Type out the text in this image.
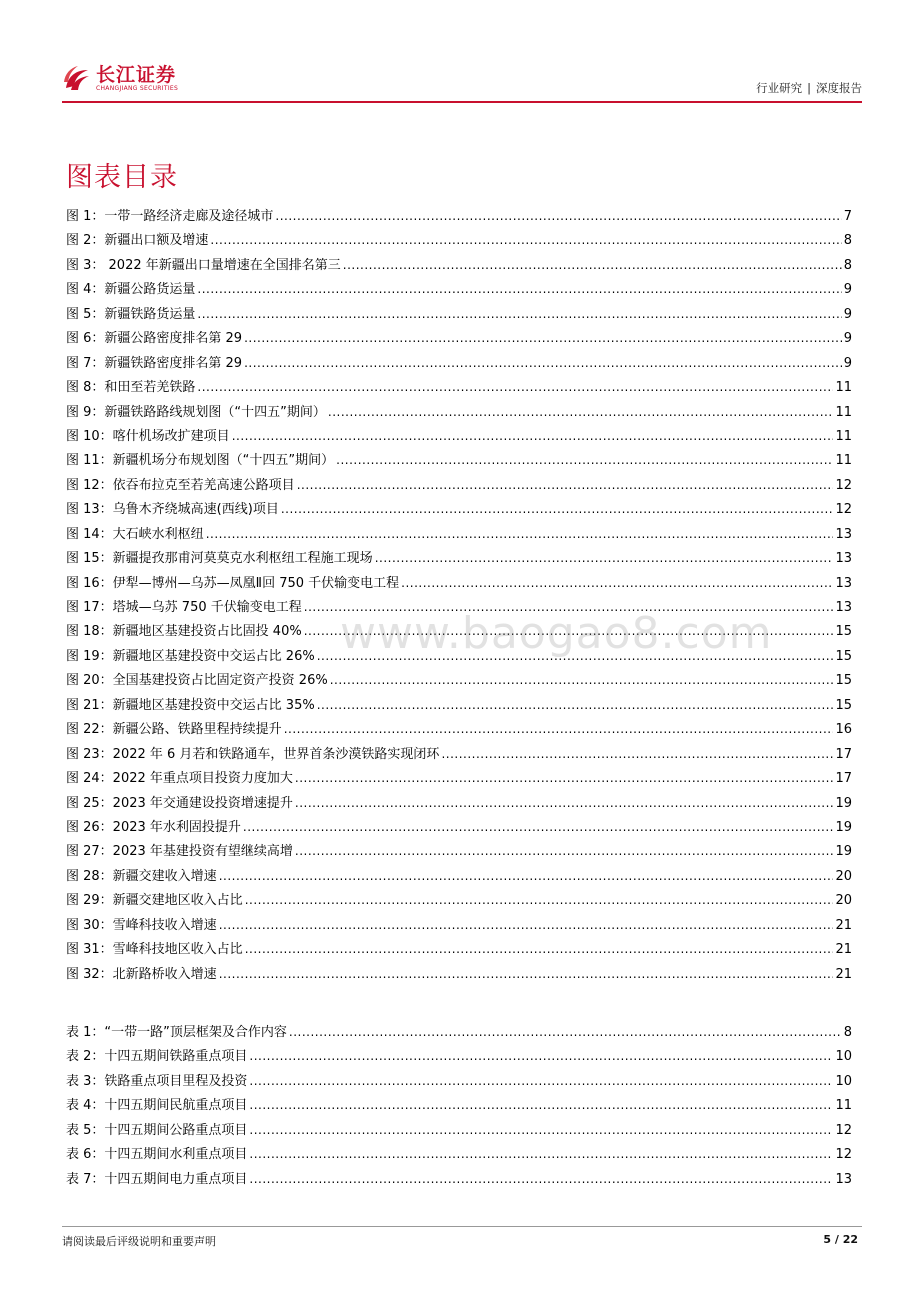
长江证券
CHANGJIANG SECURITIES	行业研究 | 深度报告
图表目录
图 1：一带一路经济走廊及途径城市 .....	7
图 2：新疆出口额及增速 .....	8
图 3： 2022 年新疆出口量增速在全国排名第三 .....	8
图 4：新疆公路货运量 .....	9
图 5：新疆铁路货运量 .....	9
图 6：新疆公路密度排名第 29 .....	9
图 7：新疆铁路密度排名第 29 .....	9
图 8：和田至若羌铁路 .....	11
图 9：新疆铁路路线规划图（“十四五”期间） .....	11
图 10：喀什机场改扩建项目 .....	11
图 11：新疆机场分布规划图（“十四五”期间） .....	11
图 12：依吞布拉克至若羌高速公路项目 .....	12
图 13：乌鲁木齐绕城高速(西线)项目 .....	12
图 14：大石峡水利枢纽 .....	13
图 15：新疆提孜那甫河莫莫克水利枢纽工程施工现场 .....	13
图 16：伊犁—博州—乌苏—凤凰Ⅱ回 750 千伏输变电工程 .....	13
图 17：塔城—乌苏 750 千伏输变电工程 .....	13
图 18：新疆地区基建投资占比固投 40% .....	15
图 19：新疆地区基建投资中交运占比 26% .....	15
图 20：全国基建投资占比固定资产投资 26% .....	15
图 21：新疆地区基建投资中交运占比 35% .....	15
图 22：新疆公路、铁路里程持续提升 .....	16
图 23：2022 年 6 月若和铁路通车，世界首条沙漠铁路实现闭环 .....	17
图 24：2022 年重点项目投资力度加大 .....	17
图 25：2023 年交通建设投资增速提升 .....	19
图 26：2023 年水利固投提升 .....	19
图 27：2023 年基建投资有望继续高增 .....	19
图 28：新疆交建收入增速 .....	20
图 29：新疆交建地区收入占比 .....	20
图 30：雪峰科技收入增速 .....	21
图 31：雪峰科技地区收入占比 .....	21
图 32：北新路桥收入增速 .....	21
表 1：“一带一路”顶层框架及合作内容 .....	8
表 2：十四五期间铁路重点项目 .....	10
表 3：铁路重点项目里程及投资 .....	10
表 4：十四五期间民航重点项目 .....	11
表 5：十四五期间公路重点项目 .....	12
表 6：十四五期间水利重点项目 .....	12
表 7：十四五期间电力重点项目 .....	13
www.baogao8.com
请阅读最后评级说明和重要声明	5 / 22
